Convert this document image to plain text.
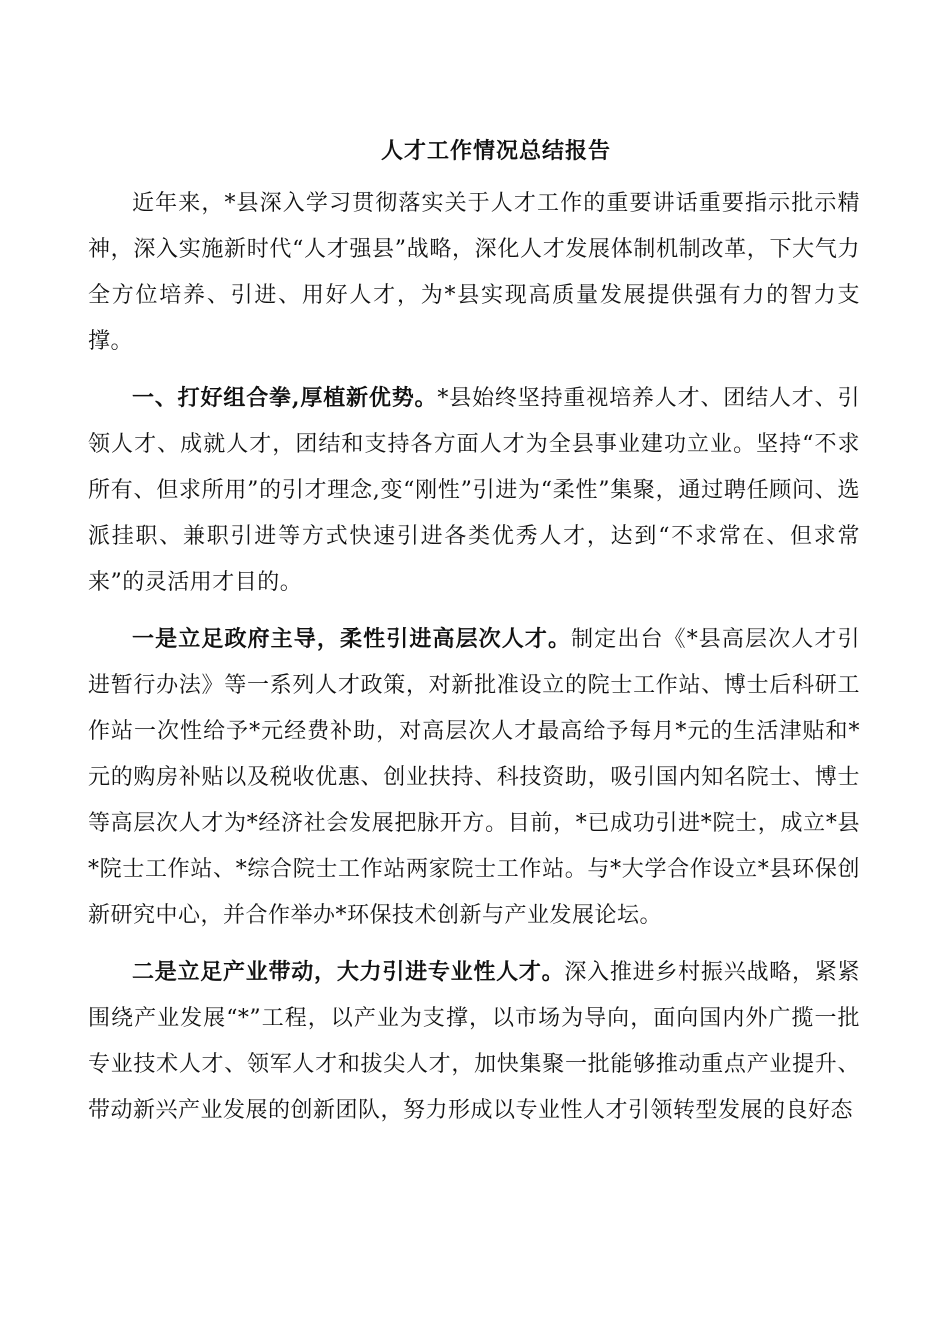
人才工作情况总结报告

近年来，*县深入学习贯彻落实关于人才工作的重要讲话重要指示批示精神，深入实施新时代“人才强县”战略，深化人才发展体制机制改革，下大气力全方位培养、引进、用好人才，为*县实现高质量发展提供强有力的智力支撑。

一、打好组合拳,厚植新优势。*县始终坚持重视培养人才、团结人才、引领人才、成就人才，团结和支持各方面人才为全县事业建功立业。坚持“不求所有、但求所用”的引才理念,变“刚性”引进为“柔性”集聚，通过聘任顾问、选派挂职、兼职引进等方式快速引进各类优秀人才，达到“不求常在、但求常来”的灵活用才目的。

一是立足政府主导，柔性引进高层次人才。制定出台《*县高层次人才引进暂行办法》等一系列人才政策，对新批准设立的院士工作站、博士后科研工作站一次性给予*元经费补助，对高层次人才最高给予每月*元的生活津贴和*元的购房补贴以及税收优惠、创业扶持、科技资助，吸引国内知名院士、博士等高层次人才为*经济社会发展把脉开方。目前，*已成功引进*院士，成立*县*院士工作站、*综合院士工作站两家院士工作站。与*大学合作设立*县环保创新研究中心，并合作举办*环保技术创新与产业发展论坛。

二是立足产业带动，大力引进专业性人才。深入推进乡村振兴战略，紧紧围绕产业发展“*”工程，以产业为支撑，以市场为导向，面向国内外广揽一批专业技术人才、领军人才和拔尖人才，加快集聚一批能够推动重点产业提升、带动新兴产业发展的创新团队，努力形成以专业性人才引领转型发展的良好态
